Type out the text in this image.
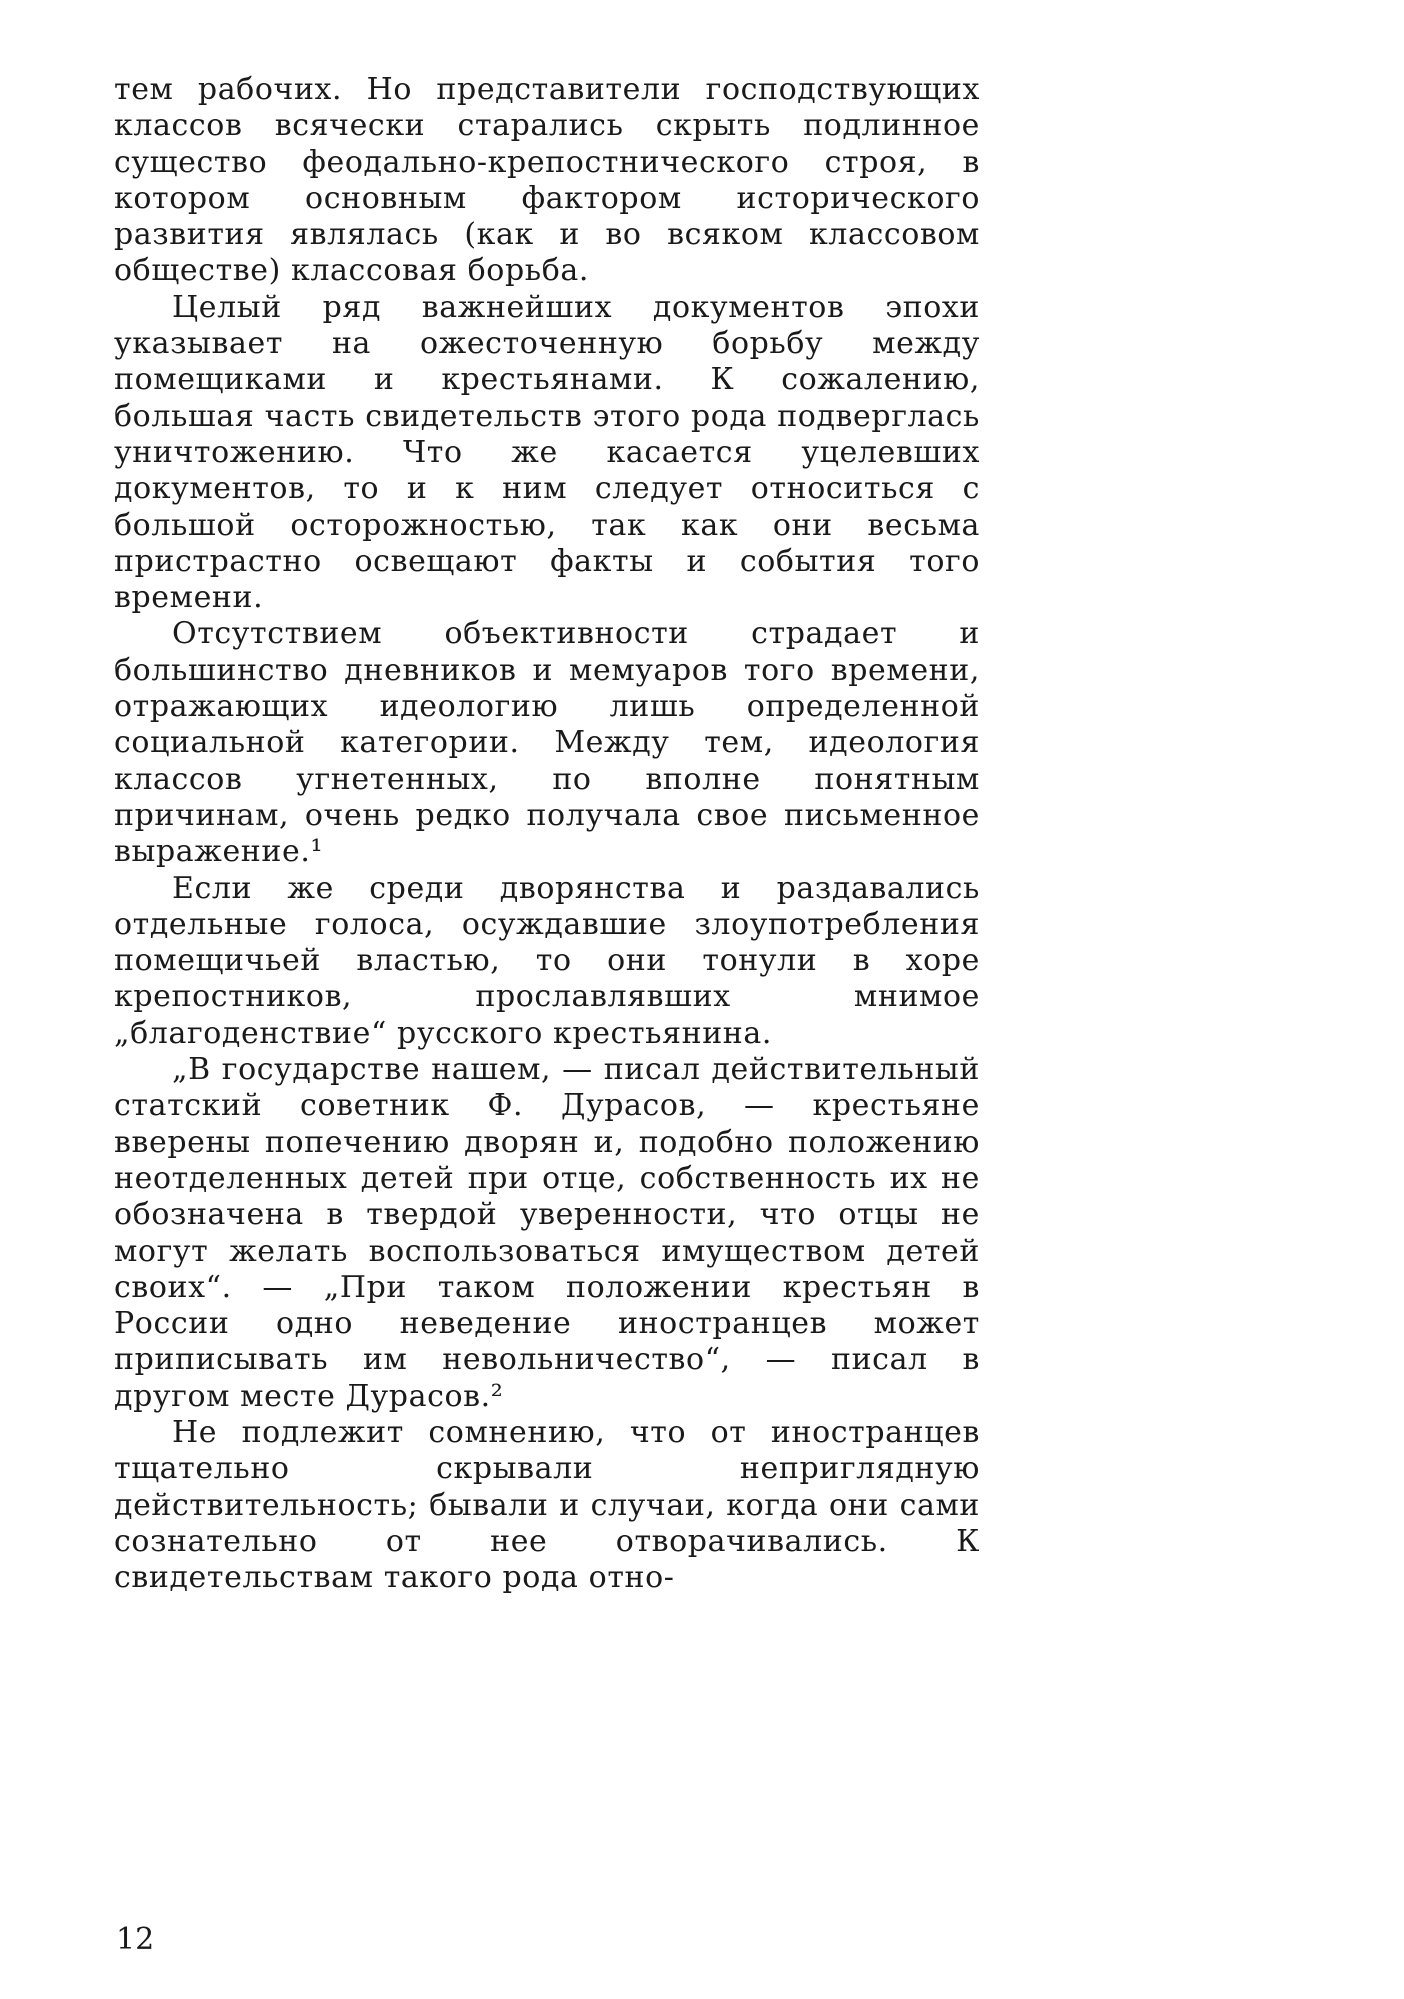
тем рабочих. Но представители господствующих классов всячески старались скрыть подлинное существо феодально-крепостнического строя, в котором основным фактором исторического развития являлась (как и во всяком классовом обществе) классовая борьба.

Целый ряд важнейших документов эпохи указывает на ожесточенную борьбу между помещиками и крестьянами. К сожалению, большая часть свидетельств этого рода подверглась уничтожению. Что же касается уцелевших документов, то и к ним следует относиться с большой осторожностью, так как они весьма пристрастно освещают факты и события того времени.

Отсутствием объективности страдает и большинство дневников и мемуаров того времени, отражающих идеологию лишь определенной социальной категории. Между тем, идеология классов угнетенных, по вполне понятным причинам, очень редко получала свое письменное выражение.¹

Если же среди дворянства и раздавались отдельные голоса, осуждавшие злоупотребления помещичьей властью, то они тонули в хоре крепостников, прославлявших мнимое „благоденствие“ русского крестьянина.

„В государстве нашем, — писал действительный статский советник Ф. Дурасов, — крестьяне вверены попечению дворян и, подобно положению неотделенных детей при отце, собственность их не обозначена в твердой уверенности, что отцы не могут желать воспользоваться имуществом детей своих“. — „При таком положении крестьян в России одно неведение иностранцев может приписывать им невольничество“, — писал в другом месте Дурасов.²

Не подлежит сомнению, что от иностранцев тщательно скрывали неприглядную действительность; бывали и случаи, когда они сами сознательно от нее отворачивались. К свидетельствам такого рода отно-

12
